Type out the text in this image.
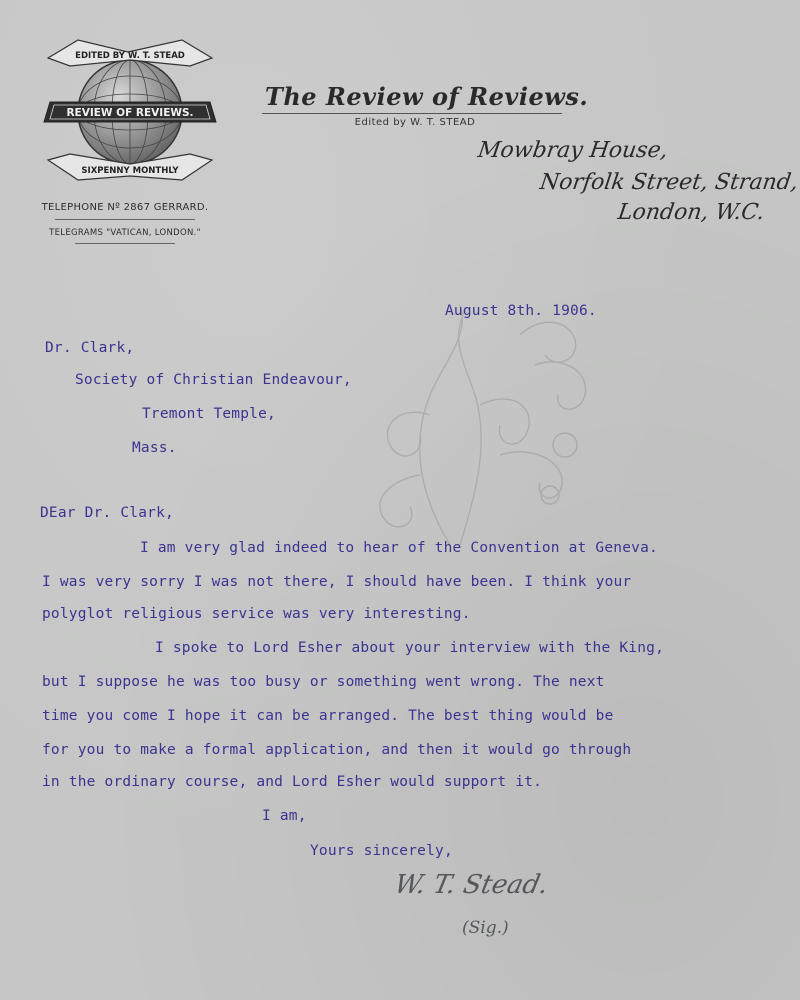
EDITED BY W. T. STEAD
REVIEW OF REVIEWS.
SIXPENNY MONTHLY
TELEPHONE Nº 2867 GERRARD.
TELEGRAMS "VATICAN, LONDON."
The Review of Reviews.
Edited by W. T. STEAD
Mowbray House,
Norfolk Street, Strand,
London, W.C.
August 8th. 1906.
Dr. Clark,
Society of Christian Endeavour,
Tremont Temple,
Mass.
DEar Dr. Clark,
I am very glad indeed to hear of the Convention at Geneva.
I was very sorry I was not there, I should have been. I think your
polyglot religious service was very interesting.
I spoke to Lord Esher about your interview with the King,
but I suppose he was too busy or something went wrong. The next
time you come I hope it can be arranged. The best thing would be
for you to make a formal application, and then it would go through
in the ordinary course, and Lord Esher would support it.
I am,
Yours sincerely,
W. T. Stead.
(Sig.)
